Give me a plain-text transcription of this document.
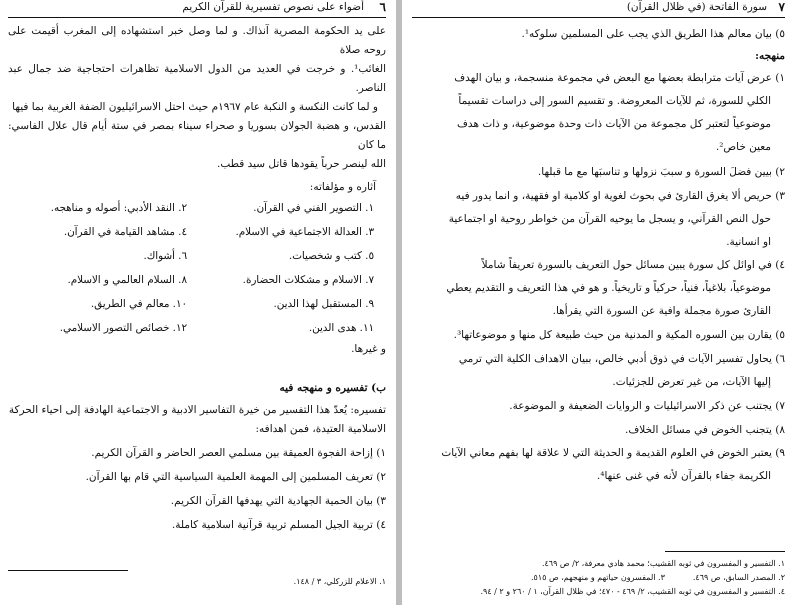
٦
أضواء على نصوص تفسيرية للقرآن الكريم

على يد الحكومة المصرية آنذاك. و لما وصل خبر استشهاده إلى المغرب أقيمت على روحه صلاة

الغائب¹. و خرجت في العديد من الدول الاسلامية تظاهرات احتجاجية ضد جمال عبد الناصر.

و لما كانت النكسة و النكبة عام ١٩٦٧م حيث احتل الاسرائيليون الضفة الغربية بما فيها

القدس، و هضبة الجولان بسوريا و صحراء سيناء بمصر في ستة أيام قال علال الفاسي: ما كان

الله لينصر حرباً يقودها قاتل سيد قطب.

آثاره و مؤلفاته:
١. التصوير الفني في القرآن.
٢. النقد الأدبي: أصوله و مناهجه.
٣. العدالة الاجتماعية في الاسلام.
٤. مشاهد القيامة في القرآن.
٥. كتب و شخصيات.
٦. أشواك.
٧. الاسلام و مشكلات الحضارة.
٨. السلام العالمي و الاسلام.
٩. المستقبل لهذا الدين.
١٠. معالم في الطريق.
١١. هدى الدين.
١٢. خصائص التصور الاسلامي.

و غيرها.

ب) تفسيره و منهجه فيه

تفسيره: يُعدّ هذا التفسير من خيرة التفاسير الادبية و الاجتماعية الهادفة إلى احياء الحركة

الاسلامية العتيدة، فمن اهدافه:

١) إزاحة الفجوة العميقة بين مسلمي العصر الحاضر و القرآن الكريم.

٢) تعريف المسلمين إلى المهمة العلمية السياسية التي قام بها القرآن.

٣) بيان الحمية الجهادية التي يهدفها القرآن الكريم.

٤) تربية الجيل المسلم تربية قرآنية اسلامية كاملة.

١. الاعلام للزركلي، ٣ / ١٤٨.
٧
سورة الفاتحة (في ظلال القرآن)

٥) بيان معالم هذا الطريق الذي يجب على المسلمين سلوكه¹.

منهجه:

١) عرض آيات مترابطة بعضها مع البعض في مجموعة منسجمة، و بيان الهدف

الكلي للسورة، ثم للآيات المعروضة. و تقسيم السور إلى دراسات تقسيماً

موضوعياً لتعتبر كل مجموعة من الآيات ذات وحدة موضوعية، و ذات هدف

معين خاص².

٢) بيين فضلَ السورة و سببَ نزولها و تناسبَها مع ما قبلها.

٣) حريص ألا يغرق القارئ في بحوث لغوية او كلامية او فقهية، و انما يدور فيه

حول النص القرآني، و يسجل ما يوحيه القرآن من خواطر روحية او اجتماعية

او انسانية.

٤) في اوائل كل سورة يبين مسائل حول التعريف بالسورة تعريفاً شاملاً

موضوعياً، بلاغياً، فنياً، حركياً و تاريخياً. و هو في هذا التعريف و التقديم يعطي

القارئ صورة مجملة وافية عن السورة التي يقرأها.

٥) يقارن بين السوره المكية و المدنية من حيث طبيعة كل منها و موضوعاتها³.

٦) يحاول تفسير الآيات في ذوق أدبي خالص، ببيان الاهداف الكلية التي ترمي

إليها الآيات، من غير تعرض للجزئيات.

٧) يجتنب عن ذكر الاسرائيليات و الروايات الضعيفة و الموضوعة.

٨) يتجنب الخوض في مسائل الخلاف.

٩) يعتبر الخوض في العلوم القديمة و الحديثة التي لا علاقة لها بفهم معاني الآيات

الكريمة جفاء بالقرآن لأنه في غنى عنها⁴.

١. التفسير و المفسرون في ثوبه القشيب؛ محمد هادي معرفة، ٢/ ص ٤٦٩.
٢. المصدر السابق، ص ٤٦٩.
٣. المفسرون حياتهم و منهجهم، ص ٥١٥.
٤. التفسير و المفسرون في ثوبه القشيب، ٢/ ٤٦٩ - ٤٧٠؛ في ظلال القرآن، ١ / ٢٦٠ و ٢ / ٩٤.
